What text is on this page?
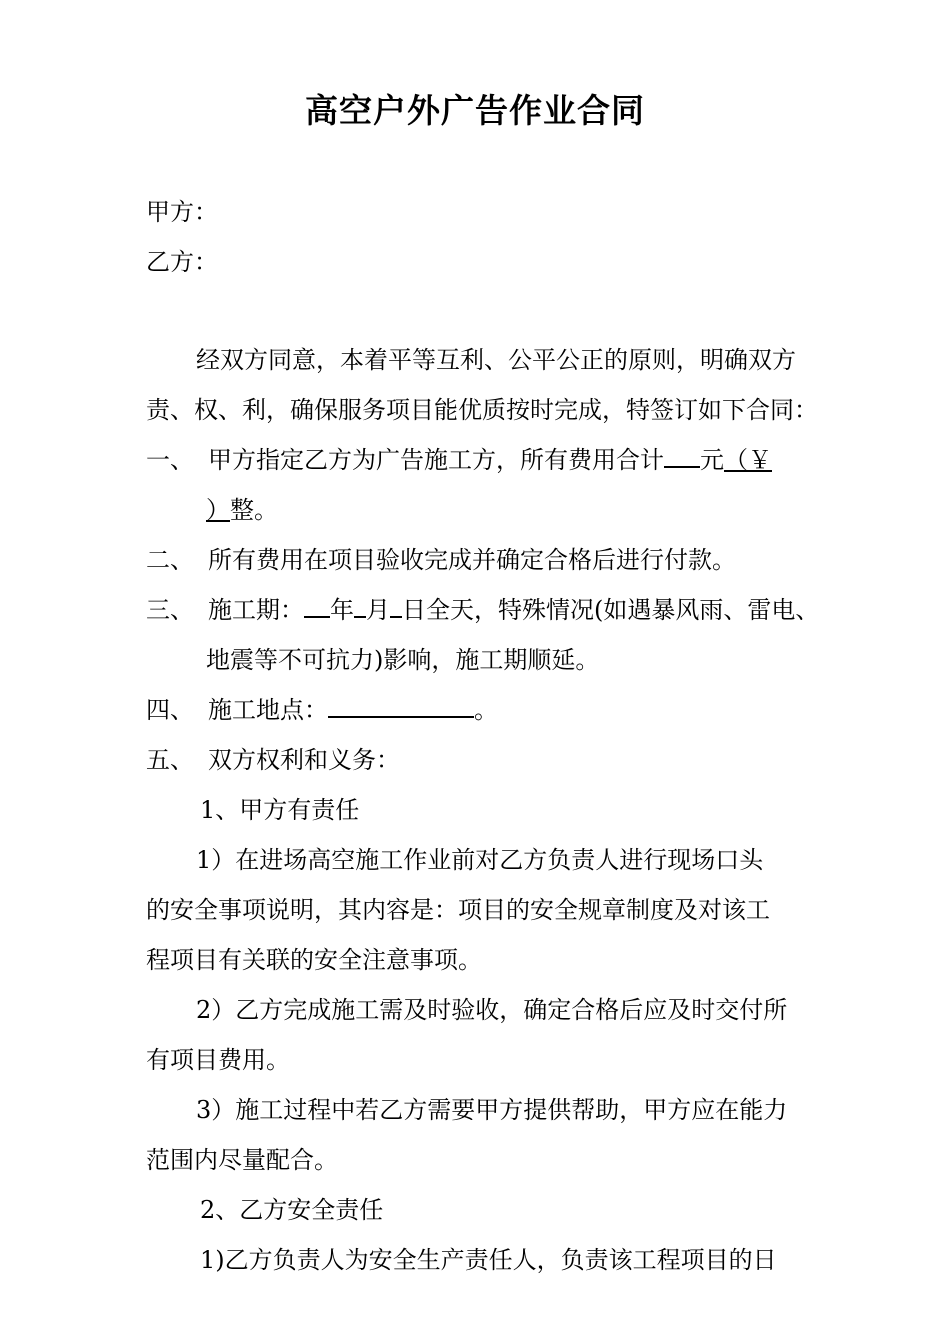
高空户外广告作业合同
甲方：
乙方：
经双方同意，本着平等互利、公平公正的原则，明确双方
责、权、利，确保服务项目能优质按时完成，特签订如下合同：
一、 甲方指定乙方为广告施工方，所有费用合计 元（￥
）整。
二、 所有费用在项目验收完成并确定合格后进行付款。
三、 施工期： 年 月 日全天，特殊情况(如遇暴风雨、雷电、
地震等不可抗力)影响，施工期顺延。
四、 施工地点：	。
五、 双方权利和义务：
1、甲方有责任
1）在进场高空施工作业前对乙方负责人进行现场口头
的安全事项说明，其内容是：项目的安全规章制度及对该工
程项目有关联的安全注意事项。
2）乙方完成施工需及时验收，确定合格后应及时交付所
有项目费用。
3）施工过程中若乙方需要甲方提供帮助，甲方应在能力
范围内尽量配合。
2、乙方安全责任
1)乙方负责人为安全生产责任人，负责该工程项目的日
